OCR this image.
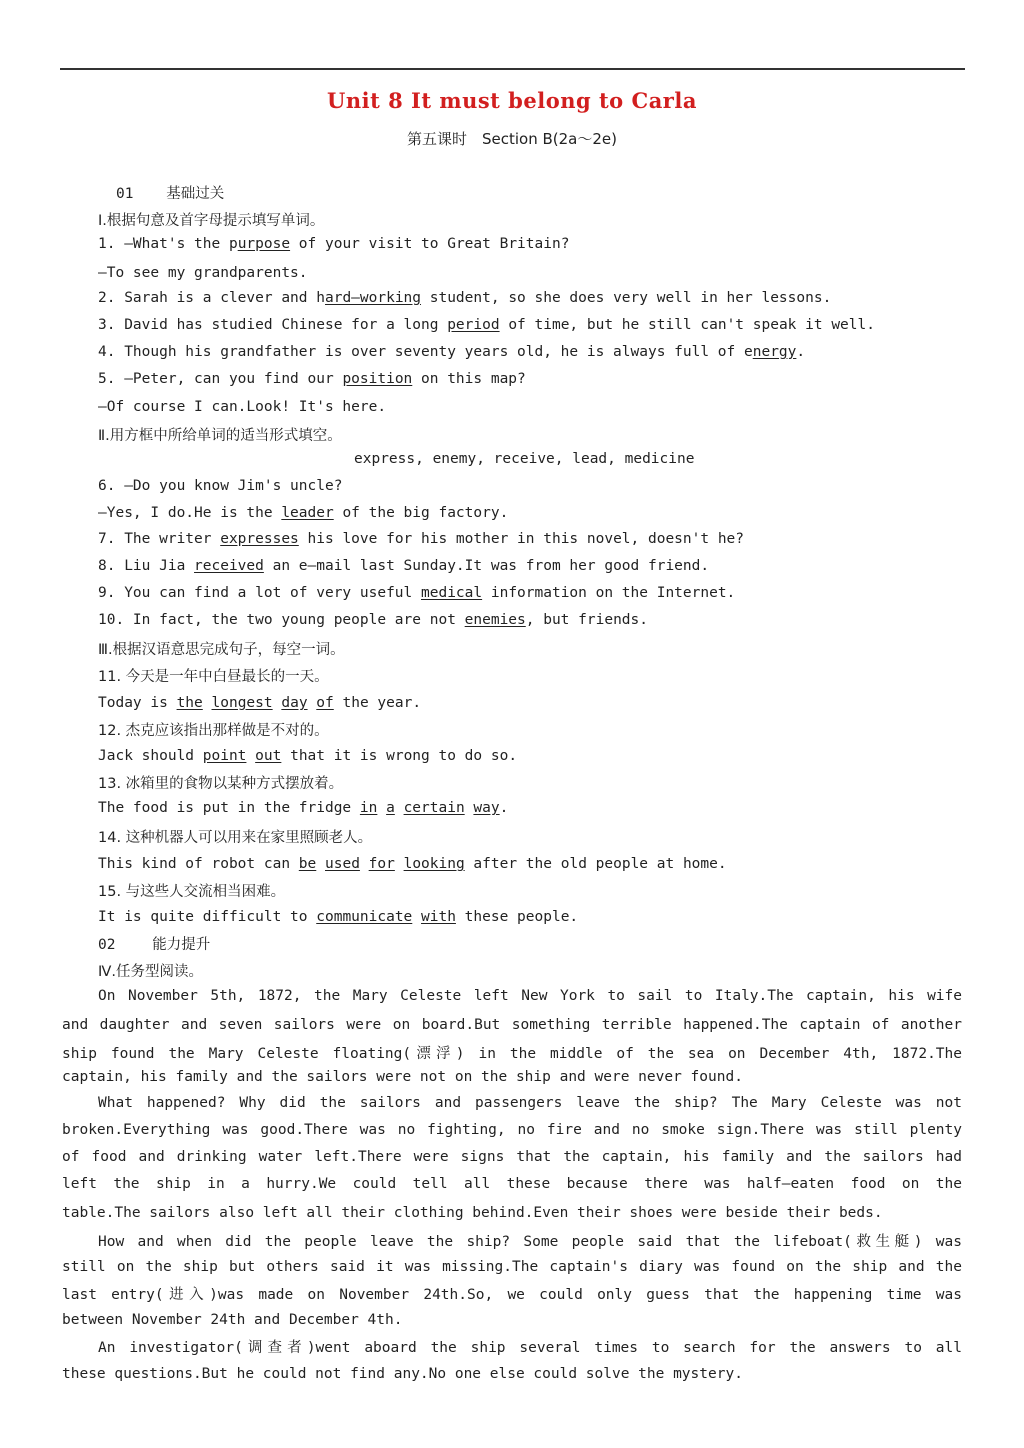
Unit 8 It must belong to Carla
第五课时　Section B(2a～2e)
01 基础过关
Ⅰ.根据句意及首字母提示填写单词。
1. —What's the purpose of your visit to Great Britain?
—To see my grandparents.
2. Sarah is a clever and hard—working student, so she does very well in her lessons.
3. David has studied Chinese for a long period of time, but he still can't speak it well.
4. Though his grandfather is over seventy years old, he is always full of energy.
5. —Peter, can you find our position on this map?
—Of course I can.Look! It's here.
Ⅱ.用方框中所给单词的适当形式填空。
express, enemy, receive, lead, medicine
6. —Do you know Jim's uncle?
—Yes, I do.He is the leader of the big factory.
7. The writer expresses his love for his mother in this novel, doesn't he?
8. Liu Jia received an e—mail last Sunday.It was from her good friend.
9. You can find a lot of very useful medical information on the Internet.
10. In fact, the two young people are not enemies, but friends.
Ⅲ.根据汉语意思完成句子，每空一词。
11. 今天是一年中白昼最长的一天。
Today is the longest day of the year.
12. 杰克应该指出那样做是不对的。
Jack should point out that it is wrong to do so.
13. 冰箱里的食物以某种方式摆放着。
The food is put in the fridge in a certain way.
14. 这种机器人可以用来在家里照顾老人。
This kind of robot can be used for looking after the old people at home.
15. 与这些人交流相当困难。
It is quite difficult to communicate with these people.
02	能力提升
Ⅳ.任务型阅读。
On November 5th, 1872, the Mary Celeste left New York to sail to Italy.The captain, his wife
and daughter and seven sailors were on board.But something terrible happened.The captain of another
ship found the Mary Celeste floating(漂浮) in the middle of the sea on December 4th, 1872.The
captain, his family and the sailors were not on the ship and were never found.
What happened? Why did the sailors and passengers leave the ship? The Mary Celeste was not
broken.Everything was good.There was no fighting, no fire and no smoke sign.There was still plenty
of food and drinking water left.There were signs that the captain, his family and the sailors had
left the ship in a hurry.We could tell all these because there was half—eaten food on the
table.The sailors also left all their clothing behind.Even their shoes were beside their beds.
How and when did the people leave the ship? Some people said that the lifeboat(救生艇) was
still on the ship but others said it was missing.The captain's diary was found on the ship and the
last entry(进入)was made on November 24th.So, we could only guess that the happening time was
between November 24th and December 4th.
An investigator(调查者)went aboard the ship several times to search for the answers to all
these questions.But he could not find any.No one else could solve the mystery.
